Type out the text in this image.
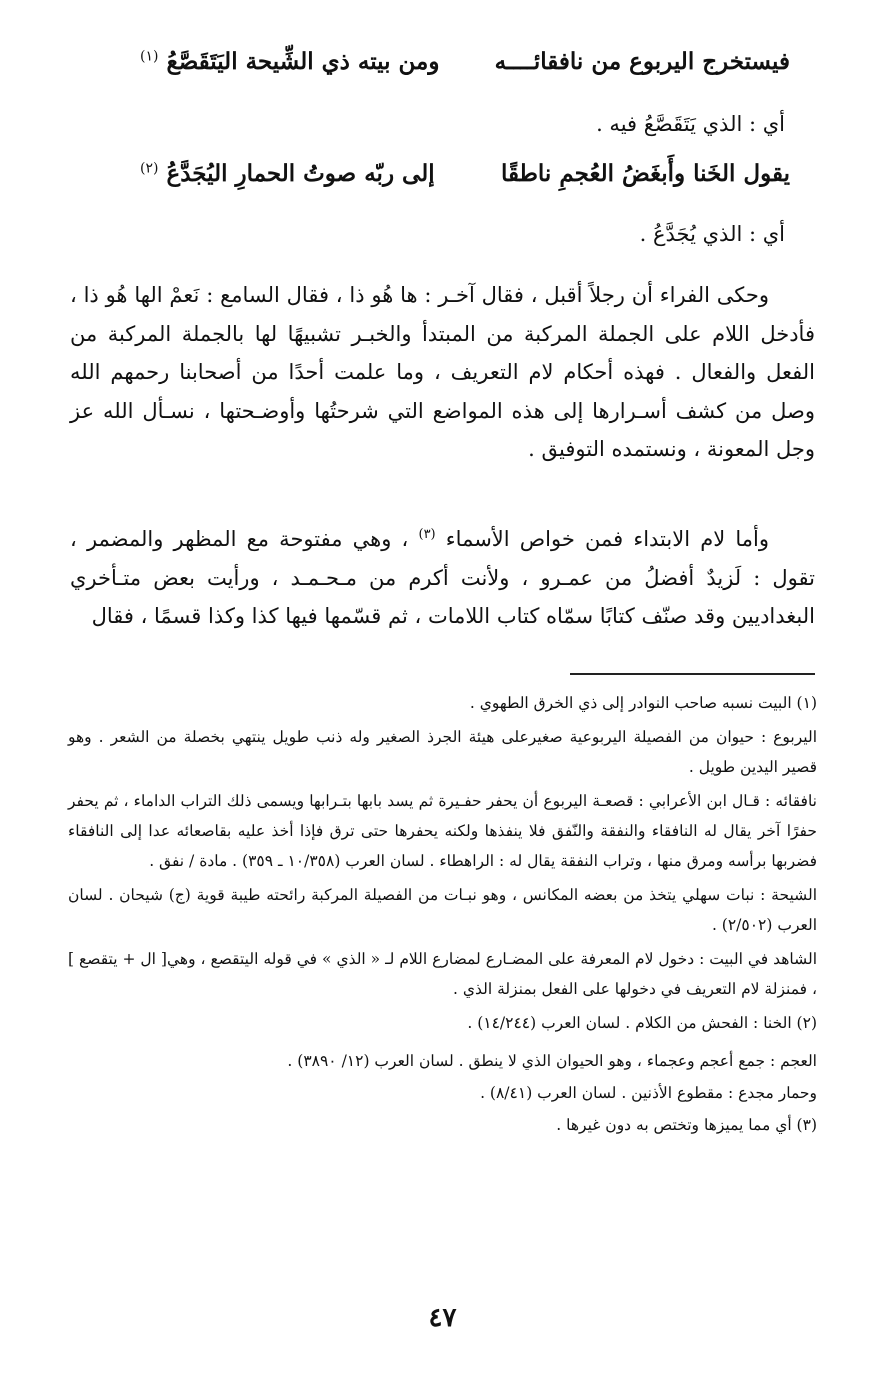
فيستخرج اليربوع من نافقائــــه
ومن بيته ذي الشِّيحة اليَتَقَصَّعُ $^{(١)}$
أي : الذي يَتَقَصَّعُ فيه .
يقول الخَنا وأَبغَضُ العُجمِ ناطقًا
إلى ربّه صوتُ الحمارِ اليُجَدَّعُ $^{(٢)}$
أي : الذي يُجَدَّعُ .

وحكى الفراء أن رجلاً أقبل ، فقال آخـر : ها هُو ذا ، فقال السامع : نَعمْ الها هُو ذا ، فأدخل اللام على الجملة المركبة من المبتدأ والخبـر تشبيهًا لها بالجملة المركبة من الفعل والفعال . فهذه أحكام لام التعريف ، وما علمت أحدًا من أصحابنا رحمهم الله وصل من كشف أسـرارها إلى هذه المواضع التي شرحتُها وأوضـحتها ، نسـأل الله عز وجل المعونة ، ونستمده التوفيق .

وأما لام الابتداء فمن خواص الأسماء $^{(٣)}$ ، وهي مفتوحة مع المظهر والمضمر ، تقول : لَزيدٌ أفضلُ من عمـرو ، ولأنت أكرم من مـحـمـد ، ورأيت بعض متـأخري البغداديين وقد صنّف كتابًا سمّاه كتاب اللامات ، ثم قسّمها فيها كذا وكذا قسمًا ، فقال

(١) البيت نسبه صاحب النوادر إلى ذي الخرق الطهوي .
اليربوع : حيوان من الفصيلة اليربوعية صغيرعلى هيئة الجرذ الصغير وله ذنب طويل ينتهي بخصلة من الشعر . وهو قصير اليدين طويل .
نافقائه : قـال ابن الأعرابي : قصعـة اليربوع أن يحفر حفـيرة ثم يسد بابها بتـرابها ويسمى ذلك التراب الداماء ، ثم يحفر حفرًا آخر يقال له النافقاء والنفقة والنّفق فلا ينفذها ولكنه يحفرها حتى ترق فإذا أخذ عليه بقاصعائه عدا إلى النافقاء فضربها برأسه ومرق منها ، وتراب النفقة يقال له : الراهطاء . لسان العرب (١٠/٣٥٨ ـ ٣٥٩) . مادة / نفق .
الشيحة : نبات سهلي يتخذ من بعضه المكانس ، وهو نبـات من الفصيلة المركبة رائحته طيبة قوية (ج) شيحان . لسان العرب (٢/٥٠٢) .
الشاهد في البيت : دخول لام المعرفة على المضـارع لمضارع اللام لـ « الذي » في قوله اليتقصع ، وهي[ ال + يتقصع ] ، فمنزلة لام التعريف في دخولها على الفعل بمنزلة الذي .
(٢) الخنا : الفحش من الكلام . لسان العرب (١٤/٢٤٤) .
العجم : جمع أعجم وعجماء ، وهو الحيوان الذي لا ينطق . لسان العرب (١٢/ ٣٨٩٠) .
وحمار مجدع : مقطوع الأذنين . لسان العرب (٨/٤١) .
(٣) أي مما يميزها وتختص به دون غيرها .
٤٧
